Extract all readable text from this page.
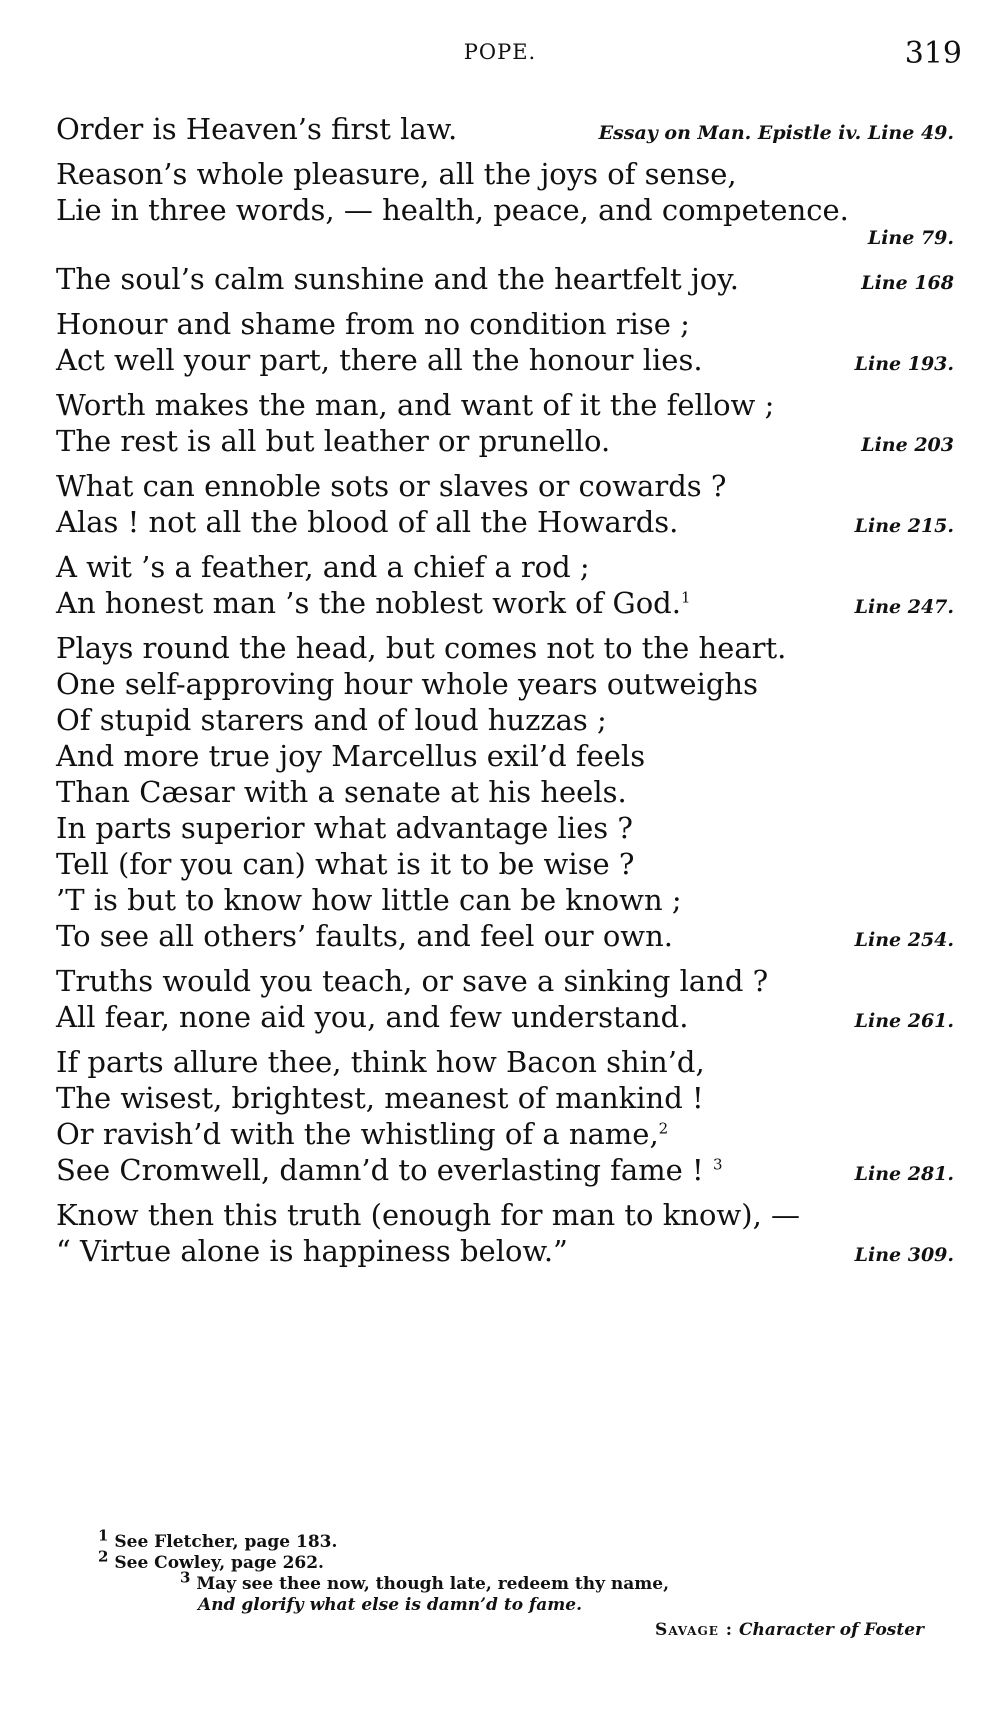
POPE.	319
Order is Heaven’s first law.	Essay on Man. Epistle iv. Line 49.
Reason’s whole pleasure, all the joys of sense,
Lie in three words, — health, peace, and competence.
Line 79.
The soul’s calm sunshine and the heartfelt joy.	Line 168
Honour and shame from no condition rise ;
Act well your part, there all the honour lies.	Line 193.
Worth makes the man, and want of it the fellow ;
The rest is all but leather or prunello.	Line 203
What can ennoble sots or slaves or cowards ?
Alas ! not all the blood of all the Howards.	Line 215.
A wit ’s a feather, and a chief a rod ;
An honest man ’s the noblest work of God.$^1$	Line 247.
Plays round the head, but comes not to the heart.
One self-approving hour whole years outweighs
Of stupid starers and of loud huzzas ;
And more true joy Marcellus exil’d feels
Than Cæsar with a senate at his heels.
In parts superior what advantage lies ?
Tell (for you can) what is it to be wise ?
’T is but to know how little can be known ;
To see all others’ faults, and feel our own.	Line 254.
Truths would you teach, or save a sinking land ?
All fear, none aid you, and few understand.	Line 261.
If parts allure thee, think how Bacon shin’d,
The wisest, brightest, meanest of mankind !
Or ravish’d with the whistling of a name,$^2$
See Cromwell, damn’d to everlasting fame ! $^3$	Line 281.
Know then this truth (enough for man to know), —
“ Virtue alone is happiness below.”	Line 309.
$^1$ See Fletcher, page 183.
$^2$ See Cowley, page 262.
$^3$ May see thee now, though late, redeem thy name,
And glorify what else is damn’d to fame.
Savage : Character of Foster
